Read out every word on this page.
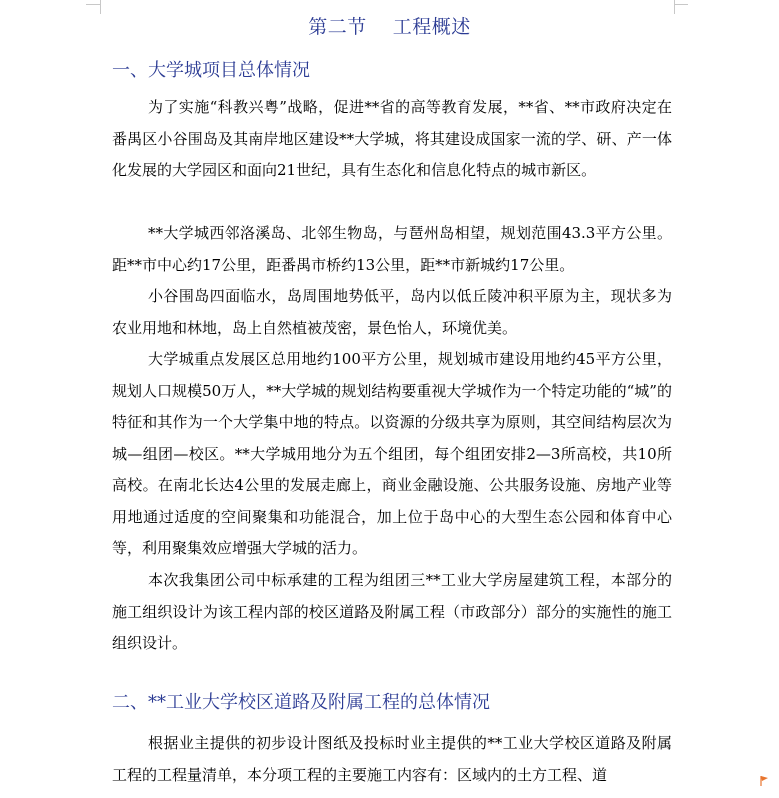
第二节 工程概述
一、大学城项目总体情况

为了实施“科教兴粤”战略，促进**省的高等教育发展，**省、**市政府决定在番禺区小谷围岛及其南岸地区建设**大学城，将其建设成国家一流的学、研、产一体化发展的大学园区和面向21世纪，具有生态化和信息化特点的城市新区。

**大学城西邻洛溪岛、北邻生物岛，与琶州岛相望，规划范围43.3平方公里。距**市中心约17公里，距番禺市桥约13公里，距**市新城约17公里。

小谷围岛四面临水，岛周围地势低平，岛内以低丘陵冲积平原为主，现状多为农业用地和林地，岛上自然植被茂密，景色怡人，环境优美。

大学城重点发展区总用地约100平方公里，规划城市建设用地约45平方公里，规划人口规模50万人，**大学城的规划结构要重视大学城作为一个特定功能的“城”的特征和其作为一个大学集中地的特点。以资源的分级共享为原则，其空间结构层次为城—组团—校区。**大学城用地分为五个组团，每个组团安排2—3所高校，共10所高校。在南北长达4公里的发展走廊上，商业金融设施、公共服务设施、房地产业等用地通过适度的空间聚集和功能混合，加上位于岛中心的大型生态公园和体育中心等，利用聚集效应增强大学城的活力。

本次我集团公司中标承建的工程为组团三**工业大学房屋建筑工程，本部分的施工组织设计为该工程内部的校区道路及附属工程（市政部分）部分的实施性的施工组织设计。

二、**工业大学校区道路及附属工程的总体情况

根据业主提供的初步设计图纸及投标时业主提供的**工业大学校区道路及附属工程的工程量清单，本分项工程的主要施工内容有：区域内的土方工程、道
